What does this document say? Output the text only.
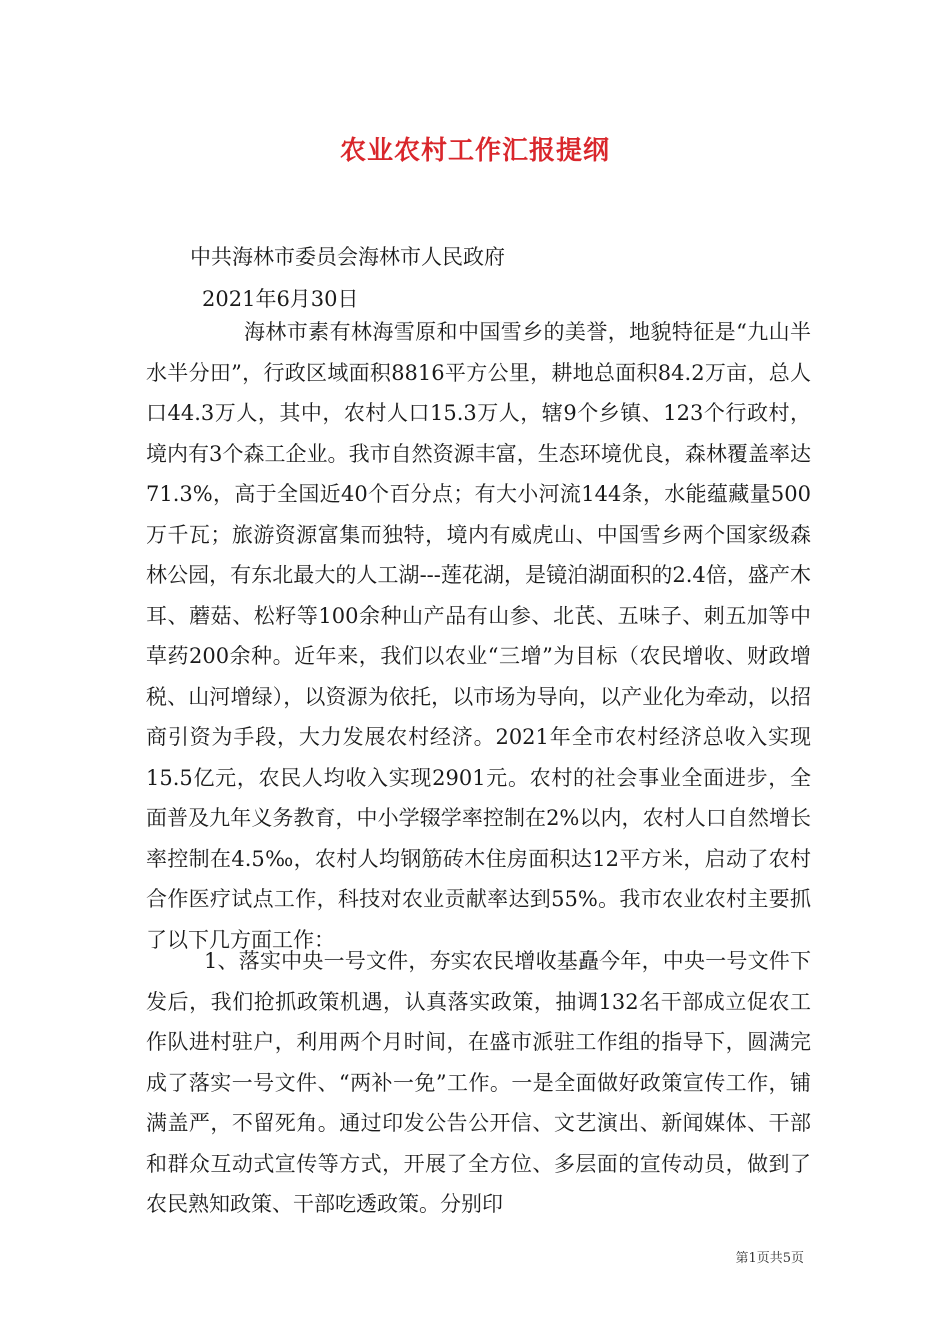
农业农村工作汇报提纲
中共海林市委员会海林市人民政府
2021年6月30日
海林市素有林海雪原和中国雪乡的美誉，地貌特征是“九山半水半分田”，行政区域面积8816平方公里，耕地总面积84.2万亩，总人口44.3万人，其中，农村人口15.3万人，辖9个乡镇、123个行政村，境内有3个森工企业。我市自然资源丰富，生态环境优良，森林覆盖率达71.3%，高于全国近40个百分点；有大小河流144条，水能蕴藏量500万千瓦；旅游资源富集而独特，境内有威虎山、中国雪乡两个国家级森林公园，有东北最大的人工湖---莲花湖，是镜泊湖面积的2.4倍，盛产木耳、蘑菇、松籽等100余种山产品有山参、北芪、五味子、刺五加等中草药200余种。近年来，我们以农业“三增”为目标（农民增收、财政增税、山河增绿），以资源为依托，以市场为导向，以产业化为牵动，以招商引资为手段，大力发展农村经济。2021年全市农村经济总收入实现15.5亿元，农民人均收入实现2901元。农村的社会事业全面进步，全面普及九年义务教育，中小学辍学率控制在2%以内，农村人口自然增长率控制在4.5‰，农村人均钢筋砖木住房面积达12平方米，启动了农村合作医疗试点工作，科技对农业贡献率达到55%。我市农业农村主要抓了以下几方面工作：
1、落实中央一号文件，夯实农民增收基矗今年，中央一号文件下发后，我们抢抓政策机遇，认真落实政策，抽调132名干部成立促农工作队进村驻户，利用两个月时间，在盛市派驻工作组的指导下，圆满完成了落实一号文件、“两补一免”工作。一是全面做好政策宣传工作，铺满盖严，不留死角。通过印发公告公开信、文艺演出、新闻媒体、干部和群众互动式宣传等方式，开展了全方位、多层面的宣传动员，做到了农民熟知政策、干部吃透政策。分别印
第1页共5页
